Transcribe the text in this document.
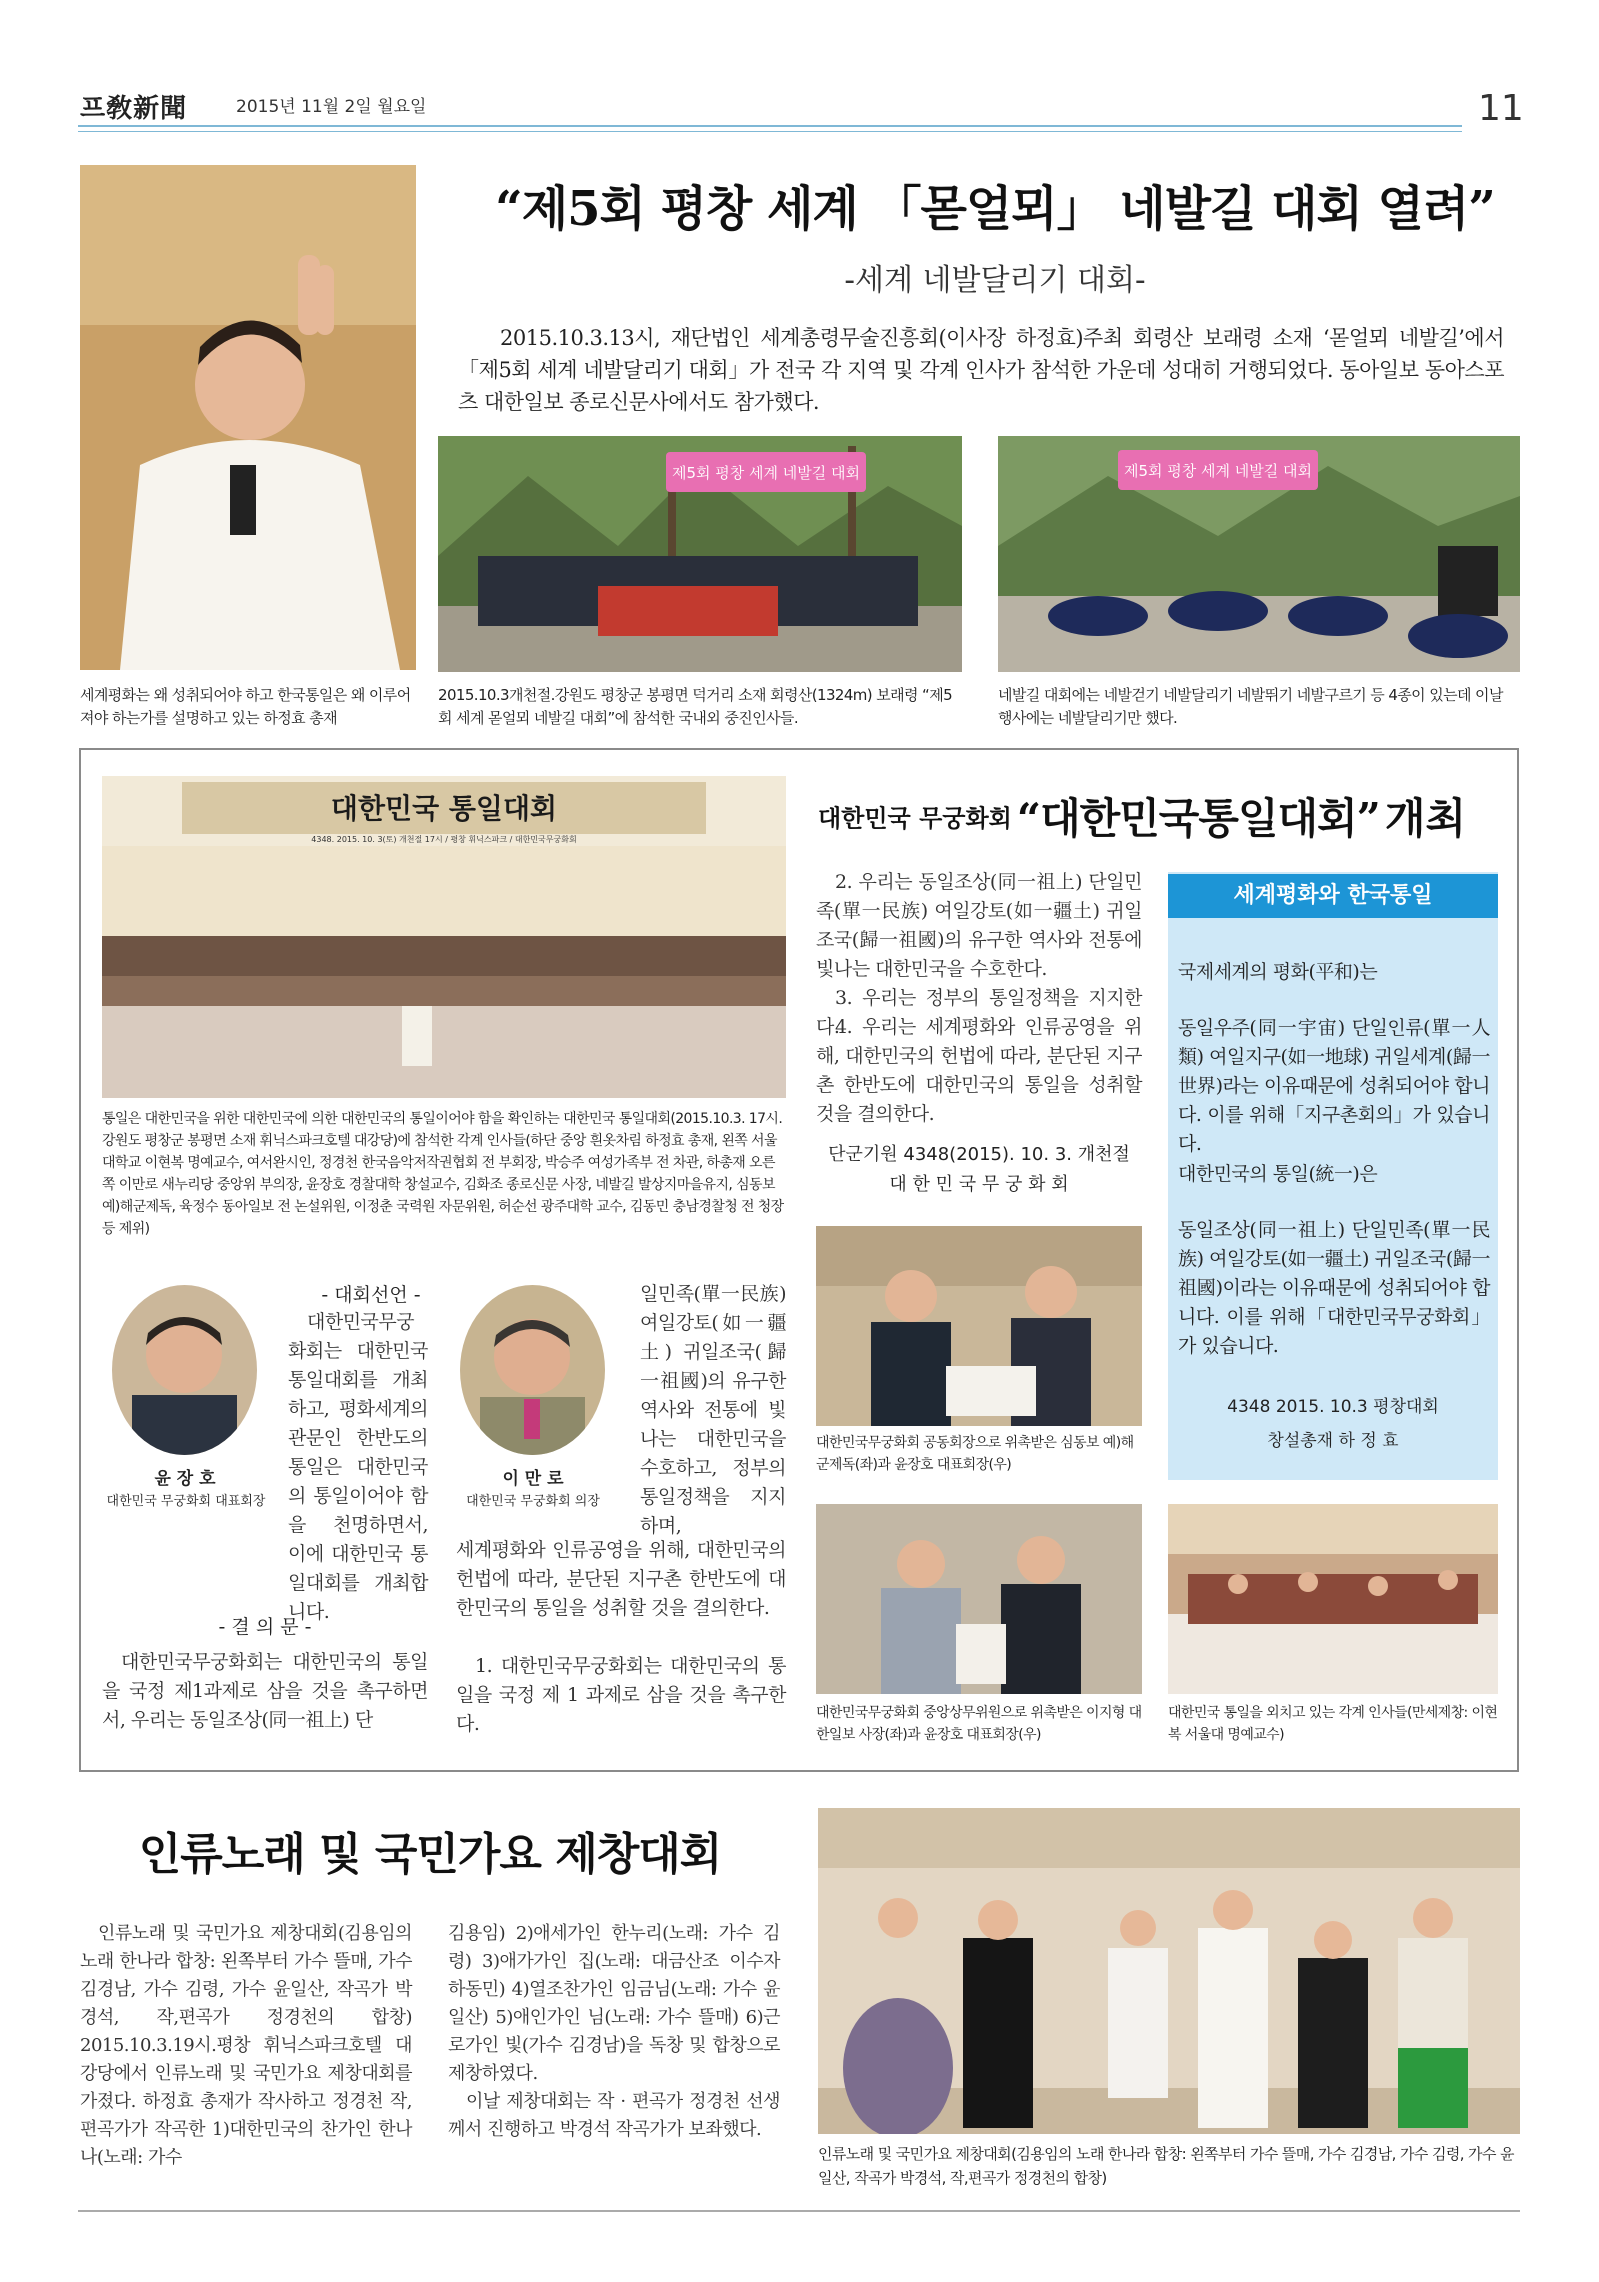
프敎新聞	2015년 11월 2일 월요일	11
세계평화는 왜 성취되어야 하고 한국통일은 왜 이루어져야 하는가를 설명하고 있는 하정효 총재
“제5회 평창 세계 「몯얼뫼」 네발길 대회 열려”
-세계 네발달리기 대회-
2015.10.3.13시, 재단법인 세계총령무술진흥회(이사장 하정효)주최 회령산 보래령 소재 ‘몯얼뫼 네발길’에서 「제5회 세계 네발달리기 대회」가 전국 각 지역 및 각계 인사가 참석한 가운데 성대히 거행되었다. 동아일보 동아스포츠 대한일보 종로신문사에서도 참가했다.
제5회 평창 세계 네발길 대회
2015.10.3개천절.강원도 평창군 봉평면 덕거리 소재 회령산(1324m) 보래령 “제5회 세계 몯얼뫼 네발길 대회”에 참석한 국내외 중진인사들.
제5회 평창 세계 네발길 대회
네발길 대회에는 네발걷기 네발달리기 네발뛰기 네발구르기 등 4종이 있는데 이날 행사에는 네발달리기만 했다.
대한민국 통일대회
4348. 2015. 10. 3(토) 개천절 17시 / 평창 휘닉스파크 / 대한민국무궁화회
통일은 대한민국을 위한 대한민국에 의한 대한민국의 통일이어야 함을 확인하는 대한민국 통일대회(2015.10.3. 17시. 강원도 평창군 봉평면 소재 휘닉스파크호텔 대강당)에 참석한 각계 인사들(하단 중앙 흰옷차림 하정효 총재, 왼쪽 서울대학교 이현복 명예교수, 여서완시인, 정경천 한국음악저작권협회 전 부회장, 박승주 여성가족부 전 차관, 하총재 오른쪽 이만로 새누리당 중앙위 부의장, 윤장호 경찰대학 창설교수, 김화조 종로신문 사장, 네발길 발상지마을유지, 심동보 예)해군제독, 육정수 동아일보 전 논설위원, 이정춘 국력원 자문위원, 허순선 광주대학 교수, 김동민 충남경찰청 전 청장 등 제위)
대한민국 무궁화회 “대한민국통일대회” 개최
2. 우리는 동일조상(同一祖上) 단일민족(單一民族) 여일강토(如一疆土) 귀일조국(歸一祖國)의 유구한 역사와 전통에 빛나는 대한민국을 수호한다.
3. 우리는 정부의 통일정책을 지지한다.
4. 우리는 세계평화와 인류공영을 위해, 대한민국의 헌법에 따라, 분단된 지구촌 한반도에 대한민국의 통일을 성취할 것을 결의한다.
단군기원 4348(2015). 10. 3. 개천절
대 한 민 국 무 궁 화 회
세계평화와 한국통일
국제세계의 평화(平和)는
동일우주(同一宇宙) 단일인류(單一人類) 여일지구(如一地球) 귀일세계(歸一世界)라는 이유때문에 성취되어야 합니다. 이를 위해「지구촌회의」가 있습니다.
대한민국의 통일(統一)은
동일조상(同一祖上) 단일민족(單一民族) 여일강토(如一疆土) 귀일조국(歸一祖國)이라는 이유때문에 성취되어야 합니다. 이를 위해「대한민국무궁화회」가 있습니다.
4348 2015. 10.3 평창대회
창설총재 하 정 효
대한민국무궁화회 공동회장으로 위촉받은 심동보 예)해군제독(좌)과 윤장호 대표회장(우)
대한민국무궁화회 중앙상무위원으로 위촉받은 이지형 대한일보 사장(좌)과 윤장호 대표회장(우)
대한민국 통일을 외치고 있는 각계 인사들(만세제창: 이현복 서울대 명예교수)
윤 장 호
대한민국 무궁화회 대표회장
- 대회선언 -
대한민국무궁화회는 대한민국통일대회를 개최하고, 평화세계의 관문인 한반도의 통일은 대한민국의 통일이어야 함을 천명하면서, 이에 대한민국 통일대회를 개최합니다.
- 결 의 문 -
대한민국무궁화회는 대한민국의 통일을 국정 제1과제로 삼을 것을 촉구하면서, 우리는 동일조상(同一祖上) 단
이 만 로
대한민국 무궁화회 의장
일민족(單一民族) 여일강토(如一疆土) 귀일조국(歸一祖國)의 유구한 역사와 전통에 빛나는 대한민국을 수호하고, 정부의 통일정책을 지지하며,
세계평화와 인류공영을 위해, 대한민국의 헌법에 따라, 분단된 지구촌 한반도에 대한민국의 통일을 성취할 것을 결의한다.
1. 대한민국무궁화회는 대한민국의 통일을 국정 제 1 과제로 삼을 것을 촉구한다.
인류노래 및 국민가요 제창대회
인류노래 및 국민가요 제창대회(김용임의 노래 한나라 합창: 왼쪽부터 가수 뜰매, 가수 김경남, 가수 김령, 가수 윤일산, 작곡가 박경석, 작,편곡가 정경천의 합창) 2015.10.3.19시.평창 휘닉스파크호텔 대강당에서 인류노래 및 국민가요 제창대회를 가졌다. 하정효 총재가 작사하고 정경천 작, 편곡가가 작곡한 1)대한민국의 찬가인 한나나(노래: 가수
김용임) 2)애세가인 한누리(노래: 가수 김령) 3)애가가인 집(노래: 대금산조 이수자 하동민) 4)열조찬가인 임금님(노래: 가수 윤일산) 5)애인가인 님(노래: 가수 뜰매) 6)근로가인 빛(가수 김경남)을 독창 및 합창으로 제창하였다.
이날 제창대회는 작 · 편곡가 정경천 선생께서 진행하고 박경석 작곡가가 보좌했다.
인류노래 및 국민가요 제창대회(김용임의 노래 한나라 합창: 왼쪽부터 가수 뜰매, 가수 김경남, 가수 김령, 가수 윤일산, 작곡가 박경석, 작,편곡가 정경천의 합창)
